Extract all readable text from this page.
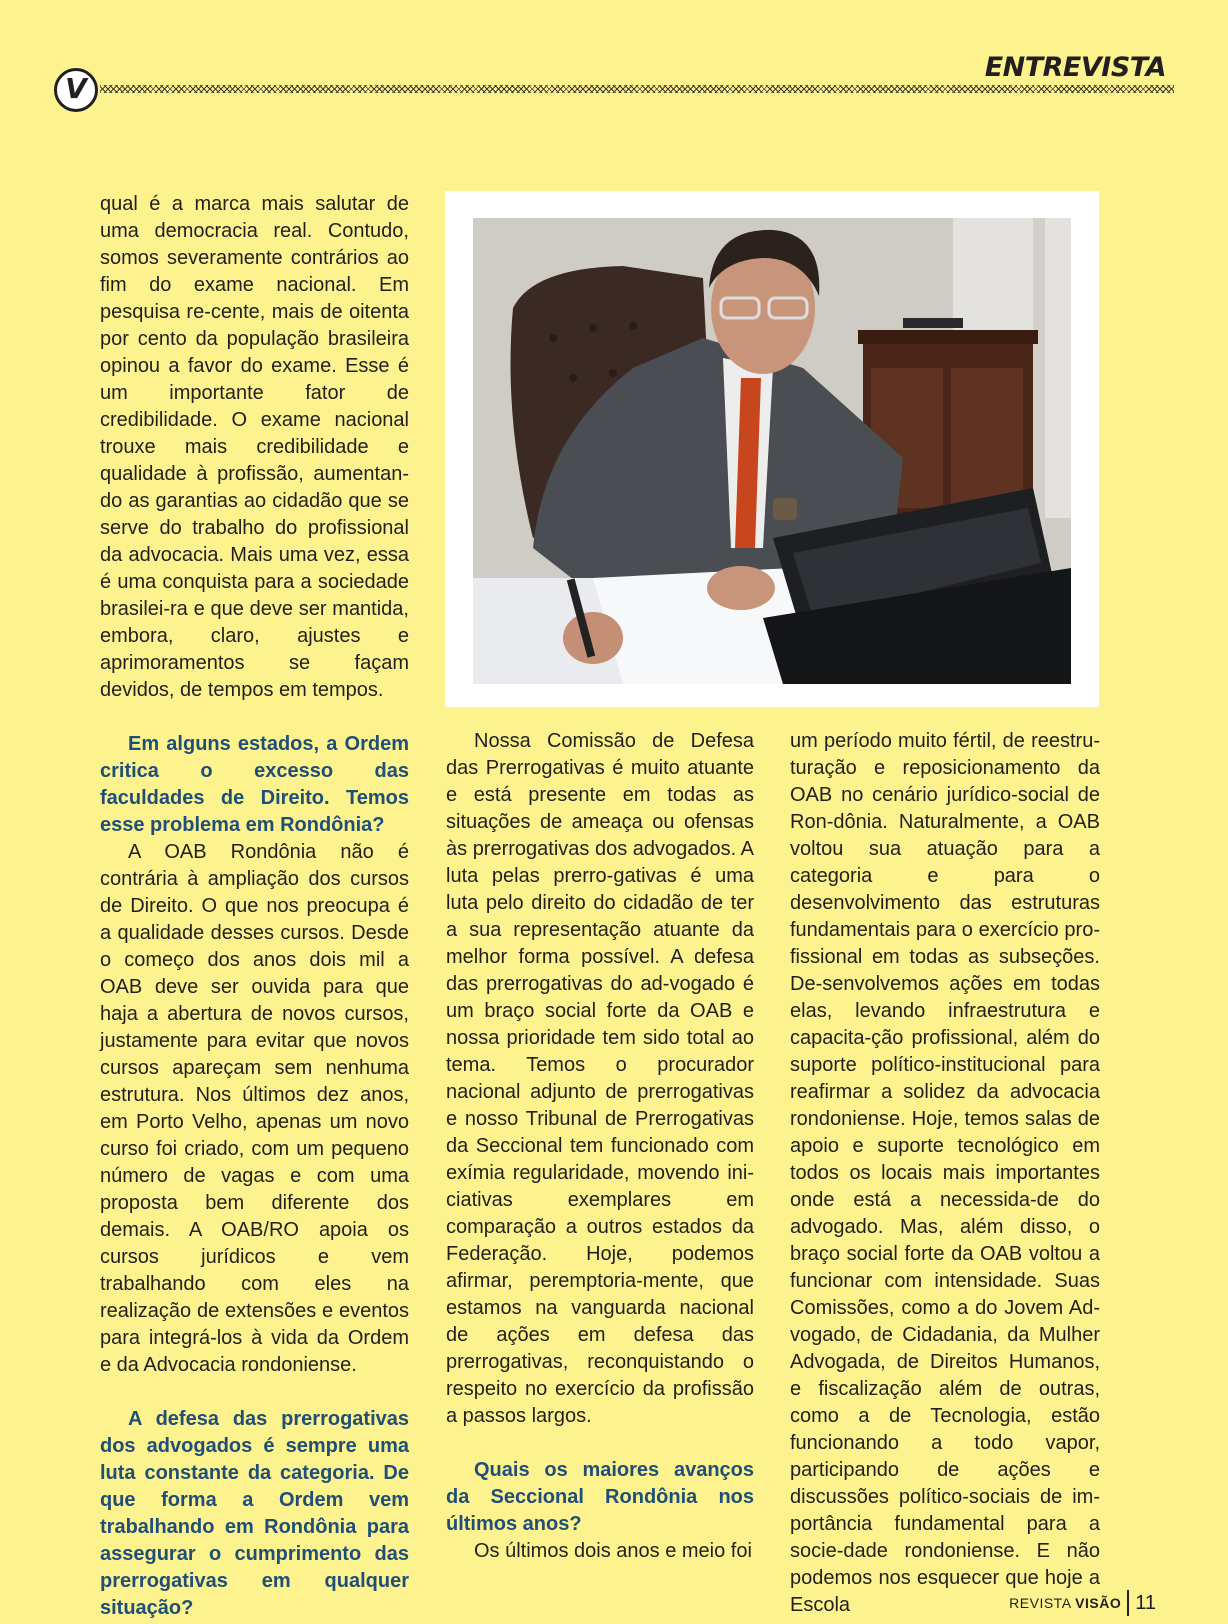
V
ENTREVISTA

qual é a marca mais salutar de uma democracia real. Contudo, somos severamente contrários ao fim do exame nacional. Em pesquisa re-cente, mais de oitenta por cento da população brasileira opinou a favor do exame. Esse é um importante fator de credibilidade. O exame nacional trouxe mais credibilidade e qualidade à profissão, aumentan-do as garantias ao cidadão que se serve do trabalho do profissional da advocacia. Mais uma vez, essa é uma conquista para a sociedade brasilei-ra e que deve ser mantida, embora, claro, ajustes e aprimoramentos se façam devidos, de tempos em tempos.

Em alguns estados, a Ordem critica o excesso das faculdades de Direito. Temos esse problema em Rondônia?

A OAB Rondônia não é contrária à ampliação dos cursos de Direito. O que nos preocupa é a qualidade desses cursos. Desde o começo dos anos dois mil a OAB deve ser ouvida para que haja a abertura de novos cursos, justamente para evitar que novos cursos apareçam sem nenhuma estrutura. Nos últimos dez anos, em Porto Velho, apenas um novo curso foi criado, com um pequeno número de vagas e com uma proposta bem diferente dos demais. A OAB/RO apoia os cursos jurídicos e vem trabalhando com eles na realização de extensões e eventos para integrá-los à vida da Ordem e da Advocacia rondoniense.

A defesa das prerrogativas dos advogados é sempre uma luta constante da categoria. De que forma a Ordem vem trabalhando em Rondônia para assegurar o cumprimento das prerrogativas em qualquer situação?

Nossa Comissão de Defesa das Prerrogativas é muito atuante e está presente em todas as situações de ameaça ou ofensas às prerrogativas dos advogados. A luta pelas prerro-gativas é uma luta pelo direito do cidadão de ter a sua representação atuante da melhor forma possível. A defesa das prerrogativas do ad-vogado é um braço social forte da OAB e nossa prioridade tem sido total ao tema. Temos o procurador nacional adjunto de prerrogativas e nosso Tribunal de Prerrogativas da Seccional tem funcionado com exímia regularidade, movendo ini-ciativas exemplares em comparação a outros estados da Federação. Hoje, podemos afirmar, peremptoria-mente, que estamos na vanguarda nacional de ações em defesa das prerrogativas, reconquistando o respeito no exercício da profissão a passos largos.

Quais os maiores avanços da Seccional Rondônia nos últimos anos?

Os últimos dois anos e meio foi

um período muito fértil, de reestru-turação e reposicionamento da OAB no cenário jurídico-social de Ron-dônia. Naturalmente, a OAB voltou sua atuação para a categoria e para o desenvolvimento das estruturas fundamentais para o exercício pro-fissional em todas as subseções. De-senvolvemos ações em todas elas, levando infraestrutura e capacita-ção profissional, além do suporte político-institucional para reafirmar a solidez da advocacia rondoniense. Hoje, temos salas de apoio e suporte tecnológico em todos os locais mais importantes onde está a necessida-de do advogado. Mas, além disso, o braço social forte da OAB voltou a funcionar com intensidade. Suas Comissões, como a do Jovem Ad-vogado, de Cidadania, da Mulher Advogada, de Direitos Humanos, e fiscalização além de outras, como a de Tecnologia, estão funcionando a todo vapor, participando de ações e discussões político-sociais de im-portância fundamental para a socie-dade rondoniense. E não podemos nos esquecer que hoje a Escola	REVISTA VISÃO 11
